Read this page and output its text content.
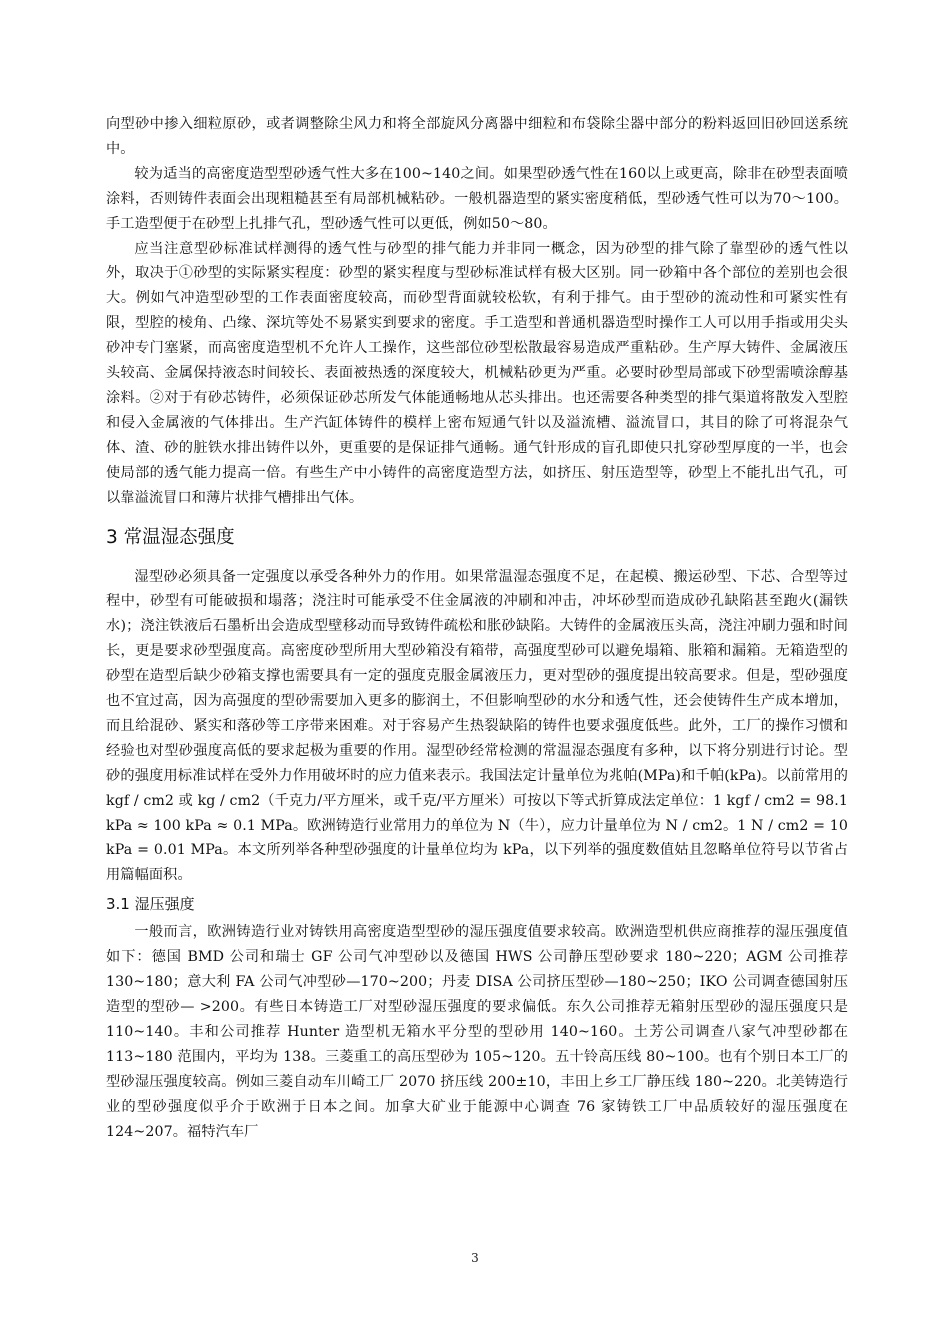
向型砂中掺入细粒原砂，或者调整除尘风力和将全部旋风分离器中细粒和布袋除尘器中部分的粉料返回旧砂回送系统中。

较为适当的高密度造型型砂透气性大多在100~140之间。如果型砂透气性在160以上或更高，除非在砂型表面喷涂料，否则铸件表面会出现粗糙甚至有局部机械粘砂。一般机器造型的紧实密度稍低，型砂透气性可以为70～100。手工造型便于在砂型上扎排气孔，型砂透气性可以更低，例如50～80。

应当注意型砂标准试样测得的透气性与砂型的排气能力并非同一概念，因为砂型的排气除了靠型砂的透气性以外，取决于①砂型的实际紧实程度：砂型的紧实程度与型砂标准试样有极大区别。同一砂箱中各个部位的差别也会很大。例如气冲造型砂型的工作表面密度较高，而砂型背面就较松软，有利于排气。由于型砂的流动性和可紧实性有限，型腔的棱角、凸缘、深坑等处不易紧实到要求的密度。手工造型和普通机器造型时操作工人可以用手指或用尖头砂冲专门塞紧，而高密度造型机不允许人工操作，这些部位砂型松散最容易造成严重粘砂。生产厚大铸件、金属液压头较高、金属保持液态时间较长、表面被热透的深度较大，机械粘砂更为严重。必要时砂型局部或下砂型需喷涂醇基涂料。②对于有砂芯铸件，必须保证砂芯所发气体能通畅地从芯头排出。也还需要各种类型的排气渠道将散发入型腔和侵入金属液的气体排出。生产汽缸体铸件的模样上密布短通气针以及溢流槽、溢流冒口，其目的除了可将混杂气体、渣、砂的脏铁水排出铸件以外，更重要的是保证排气通畅。通气针形成的盲孔即使只扎穿砂型厚度的一半，也会使局部的透气能力提高一倍。有些生产中小铸件的高密度造型方法，如挤压、射压造型等，砂型上不能扎出气孔，可以靠溢流冒口和薄片状排气槽排出气体。

3 常温湿态强度

湿型砂必须具备一定强度以承受各种外力的作用。如果常温湿态强度不足，在起模、搬运砂型、下芯、合型等过程中，砂型有可能破损和塌落；浇注时可能承受不住金属液的冲刷和冲击，冲坏砂型而造成砂孔缺陷甚至跑火(漏铁水)；浇注铁液后石墨析出会造成型壁移动而导致铸件疏松和胀砂缺陷。大铸件的金属液压头高，浇注冲刷力强和时间长，更是要求砂型强度高。高密度砂型所用大型砂箱没有箱带，高强度型砂可以避免塌箱、胀箱和漏箱。无箱造型的砂型在造型后缺少砂箱支撑也需要具有一定的强度克服金属液压力，更对型砂的强度提出较高要求。但是，型砂强度也不宜过高，因为高强度的型砂需要加入更多的膨润土，不但影响型砂的水分和透气性，还会使铸件生产成本增加，而且给混砂、紧实和落砂等工序带来困难。对于容易产生热裂缺陷的铸件也要求强度低些。此外，工厂的操作习惯和经验也对型砂强度高低的要求起极为重要的作用。湿型砂经常检测的常温湿态强度有多种，以下将分别进行讨论。型砂的强度用标准试样在受外力作用破坏时的应力值来表示。我国法定计量单位为兆帕(MPa)和千帕(kPa)。以前常用的 kgf / cm2 或 kg / cm2（千克力/平方厘米，或千克/平方厘米）可按以下等式折算成法定单位：1 kgf / cm2 = 98.1 kPa ≈ 100 kPa ≈ 0.1 MPa。欧洲铸造行业常用力的单位为 N（牛），应力计量单位为 N / cm2。1 N / cm2 = 10 kPa = 0.01 MPa。本文所列举各种型砂强度的计量单位均为 kPa，以下列举的强度数值姑且忽略单位符号以节省占用篇幅面积。

3.1 湿压强度

一般而言，欧洲铸造行业对铸铁用高密度造型型砂的湿压强度值要求较高。欧洲造型机供应商推荐的湿压强度值如下：德国 BMD 公司和瑞士 GF 公司气冲型砂以及德国 HWS 公司静压型砂要求 180~220；AGM 公司推荐 130~180；意大利 FA 公司气冲型砂—170~200；丹麦 DISA 公司挤压型砂—180~250；IKO 公司调查德国射压造型的型砂— >200。有些日本铸造工厂对型砂湿压强度的要求偏低。东久公司推荐无箱射压型砂的湿压强度只是 110~140。丰和公司推荐 Hunter 造型机无箱水平分型的型砂用 140~160。土芳公司调查八家气冲型砂都在 113~180 范围内，平均为 138。三菱重工的高压型砂为 105~120。五十铃高压线 80~100。也有个别日本工厂的型砂湿压强度较高。例如三菱自动车川崎工厂 2070 挤压线 200±10，丰田上乡工厂静压线 180~220。北美铸造行业的型砂强度似乎介于欧洲于日本之间。加拿大矿业于能源中心调查 76 家铸铁工厂中品质较好的湿压强度在 124~207。福特汽车厂

3
